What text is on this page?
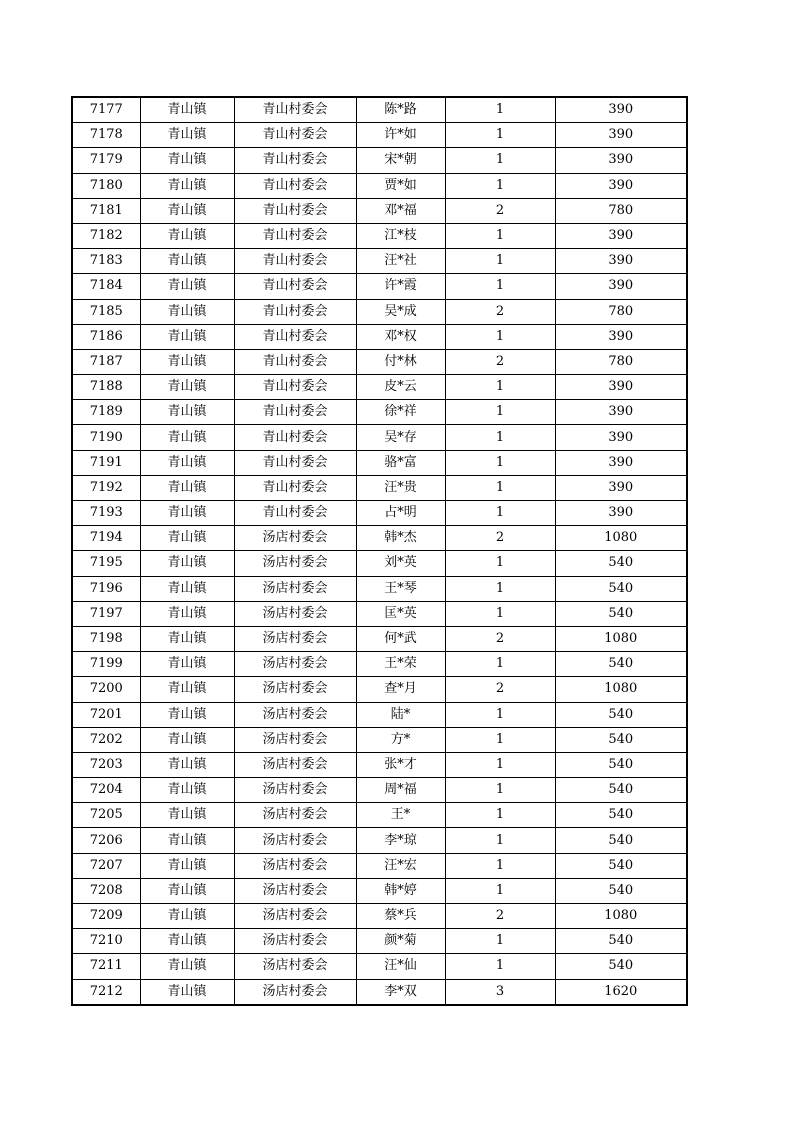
7177	青山镇	青山村委会	陈*路	1	390
7178	青山镇	青山村委会	许*如	1	390
7179	青山镇	青山村委会	宋*朝	1	390
7180	青山镇	青山村委会	贾*如	1	390
7181	青山镇	青山村委会	邓*福	2	780
7182	青山镇	青山村委会	江*枝	1	390
7183	青山镇	青山村委会	汪*社	1	390
7184	青山镇	青山村委会	许*霞	1	390
7185	青山镇	青山村委会	吴*成	2	780
7186	青山镇	青山村委会	邓*权	1	390
7187	青山镇	青山村委会	付*林	2	780
7188	青山镇	青山村委会	皮*云	1	390
7189	青山镇	青山村委会	徐*祥	1	390
7190	青山镇	青山村委会	吴*存	1	390
7191	青山镇	青山村委会	骆*富	1	390
7192	青山镇	青山村委会	汪*贵	1	390
7193	青山镇	青山村委会	占*明	1	390
7194	青山镇	汤店村委会	韩*杰	2	1080
7195	青山镇	汤店村委会	刘*英	1	540
7196	青山镇	汤店村委会	王*琴	1	540
7197	青山镇	汤店村委会	匡*英	1	540
7198	青山镇	汤店村委会	何*武	2	1080
7199	青山镇	汤店村委会	王*荣	1	540
7200	青山镇	汤店村委会	查*月	2	1080
7201	青山镇	汤店村委会	陆*	1	540
7202	青山镇	汤店村委会	方*	1	540
7203	青山镇	汤店村委会	张*才	1	540
7204	青山镇	汤店村委会	周*福	1	540
7205	青山镇	汤店村委会	王*	1	540
7206	青山镇	汤店村委会	李*琼	1	540
7207	青山镇	汤店村委会	汪*宏	1	540
7208	青山镇	汤店村委会	韩*婷	1	540
7209	青山镇	汤店村委会	蔡*兵	2	1080
7210	青山镇	汤店村委会	颜*菊	1	540
7211	青山镇	汤店村委会	汪*仙	1	540
7212	青山镇	汤店村委会	李*双	3	1620
